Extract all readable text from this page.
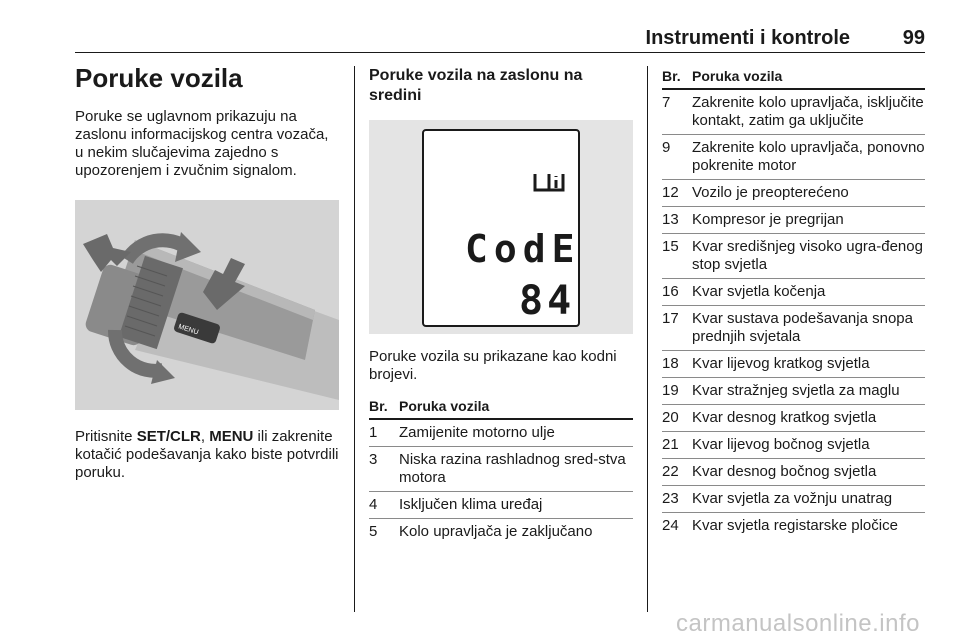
Instrumenti i kontrole	99
Poruke vozila

Poruke se uglavnom prikazuju na zaslonu informacijskog centra vozača, u nekim slučajevima zajedno s upozorenjem i zvučnim signalom.

MENU

Pritisnite SET/CLR, MENU ili zakrenite kotačić podešavanja kako biste potvrdili poruku.

Poruke vozila na zaslonu na sredini
CodE
84

Poruke vozila su prikazane kao kodni brojevi.

Br.	Poruka vozila
1	Zamijenite motorno ulje
3	Niska razina rashladnog sred-stva motora
4	Isključen klima uređaj
5	Kolo upravljača je zaključano
Br.	Poruka vozila
7	Zakrenite kolo upravljača, isključite kontakt, zatim ga uključite
9	Zakrenite kolo upravljača, ponovno pokrenite motor
12	Vozilo je preopterećeno
13	Kompresor je pregrijan
15	Kvar središnjeg visoko ugra-đenog stop svjetla
16	Kvar svjetla kočenja
17	Kvar sustava podešavanja snopa prednjih svjetala
18	Kvar lijevog kratkog svjetla
19	Kvar stražnjeg svjetla za maglu
20	Kvar desnog kratkog svjetla
21	Kvar lijevog bočnog svjetla
22	Kvar desnog bočnog svjetla
23	Kvar svjetla za vožnju unatrag
24	Kvar svjetla registarske pločice
carmanualsonline.info
